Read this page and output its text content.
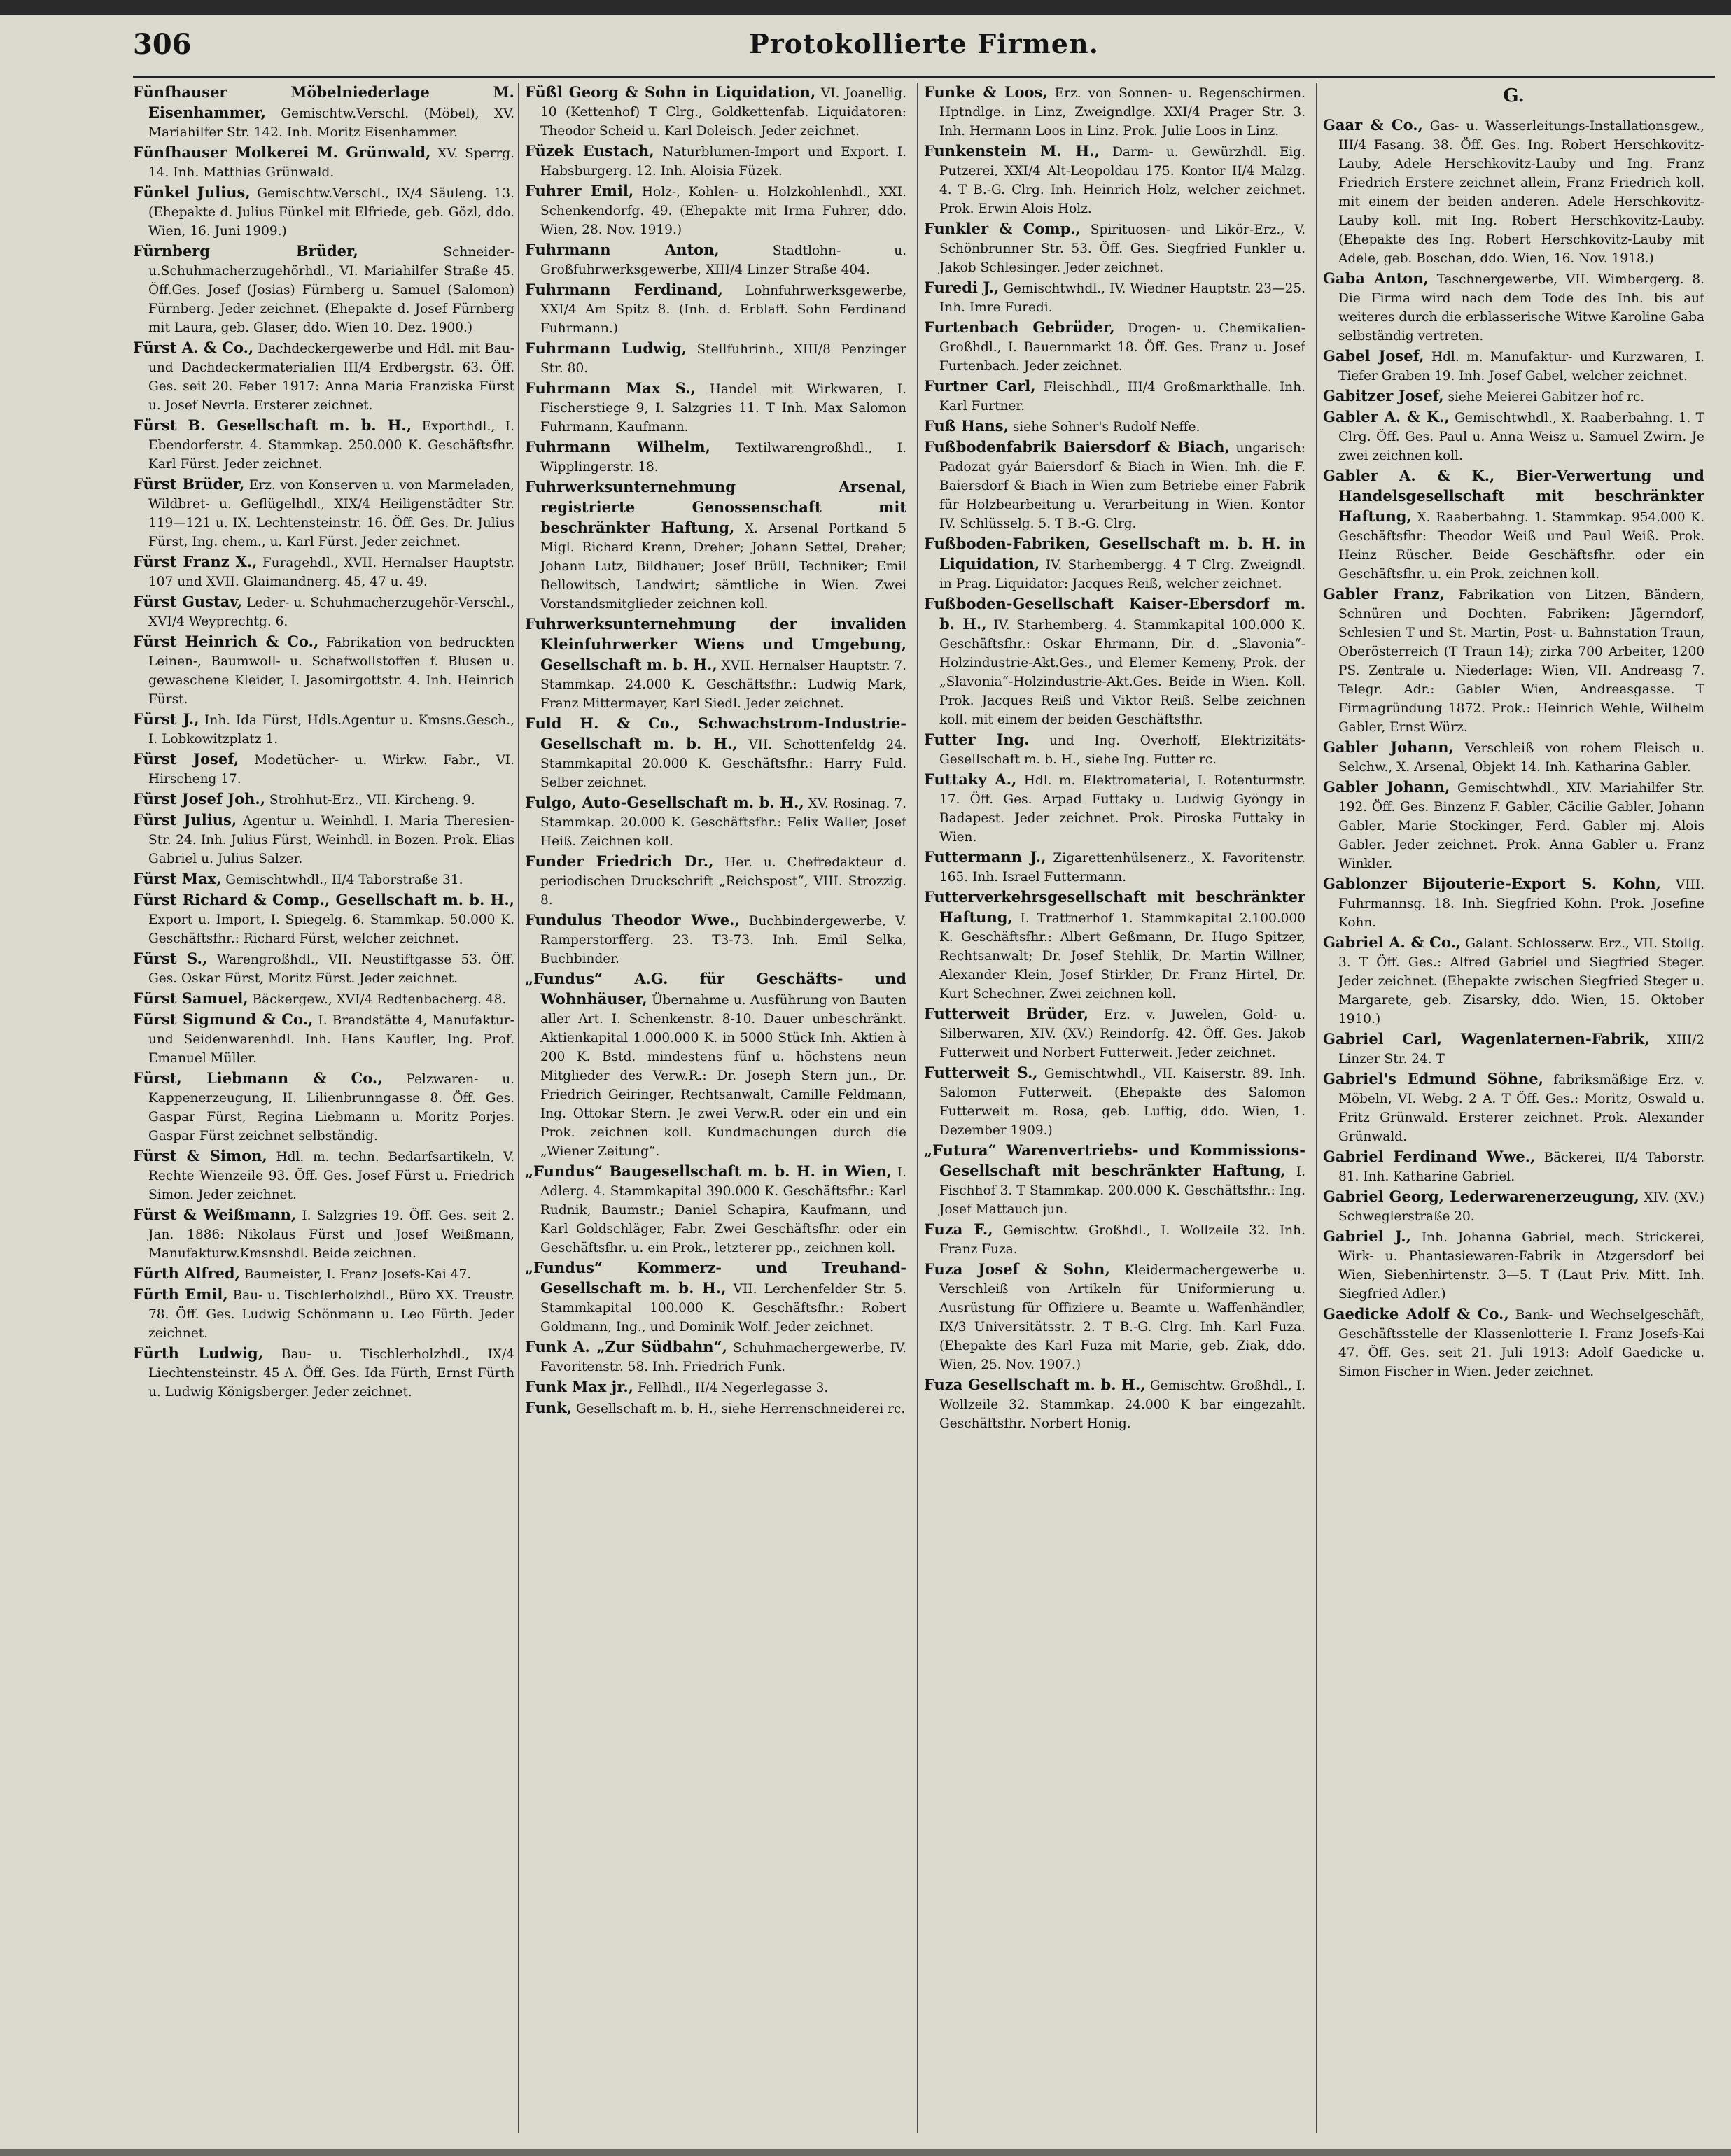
306	Protokollierte Firmen.

Fünfhauser Möbelniederlage M. Eisenhammer, Gemischtw.Verschl. (Möbel), XV. Mariahilfer Str. 142. Inh. Moritz Eisenhammer.

Fünfhauser Molkerei M. Grünwald, XV. Sperrg. 14. Inh. Matthias Grünwald.

Fünkel Julius, Gemischtw.Verschl., IX/4 Säuleng. 13. (Ehepakte d. Julius Fünkel mit Elfriede, geb. Gözl, ddo. Wien, 16. Juni 1909.)

Fürnberg Brüder, Schneider-u.Schuhmacherzugehörhdl., VI. Mariahilfer Straße 45. Öff.Ges. Josef (Josias) Fürnberg u. Samuel (Salomon) Fürnberg. Jeder zeichnet. (Ehepakte d. Josef Fürnberg mit Laura, geb. Glaser, ddo. Wien 10. Dez. 1900.)

Fürst A. & Co., Dachdeckergewerbe und Hdl. mit Bau- und Dachdeckermaterialien III/4 Erdbergstr. 63. Öff. Ges. seit 20. Feber 1917: Anna Maria Franziska Fürst u. Josef Nevrla. Ersterer zeichnet.

Fürst B. Gesellschaft m. b. H., Exporthdl., I. Ebendorferstr. 4. Stammkap. 250.000 K. Geschäftsfhr. Karl Fürst. Jeder zeichnet.

Fürst Brüder, Erz. von Konserven u. von Marmeladen, Wildbret- u. Geflügelhdl., XIX/4 Heiligenstädter Str. 119—121 u. IX. Lechtensteinstr. 16. Öff. Ges. Dr. Julius Fürst, Ing. chem., u. Karl Fürst. Jeder zeichnet.

Fürst Franz X., Furagehdl., XVII. Hernalser Hauptstr. 107 und XVII. Glaimandnerg. 45, 47 u. 49.

Fürst Gustav, Leder- u. Schuhmacherzugehör-Verschl., XVI/4 Weyprechtg. 6.

Fürst Heinrich & Co., Fabrikation von bedruckten Leinen-, Baumwoll- u. Schafwollstoffen f. Blusen u. gewaschene Kleider, I. Jasomirgottstr. 4. Inh. Heinrich Fürst.

Fürst J., Inh. Ida Fürst, Hdls.Agentur u. Kmsns.Gesch., I. Lobkowitzplatz 1.

Fürst Josef, Modetücher- u. Wirkw. Fabr., VI. Hirscheng 17.

Fürst Josef Joh., Strohhut-Erz., VII. Kircheng. 9.

Fürst Julius, Agentur u. Weinhdl. I. Maria Theresien-Str. 24. Inh. Julius Fürst, Weinhdl. in Bozen. Prok. Elias Gabriel u. Julius Salzer.

Fürst Max, Gemischtwhdl., II/4 Taborstraße 31.

Fürst Richard & Comp., Gesellschaft m. b. H., Export u. Import, I. Spiegelg. 6. Stammkap. 50.000 K. Geschäftsfhr.: Richard Fürst, welcher zeichnet.

Fürst S., Warengroßhdl., VII. Neustiftgasse 53. Öff. Ges. Oskar Fürst, Moritz Fürst. Jeder zeichnet.

Fürst Samuel, Bäckergew., XVI/4 Redtenbacherg. 48.

Fürst Sigmund & Co., I. Brandstätte 4, Manufaktur- und Seidenwarenhdl. Inh. Hans Kaufler, Ing. Prof. Emanuel Müller.

Fürst, Liebmann & Co., Pelzwaren- u. Kappenerzeugung, II. Lilienbrunngasse 8. Öff. Ges. Gaspar Fürst, Regina Liebmann u. Moritz Porjes. Gaspar Fürst zeichnet selbständig.

Fürst & Simon, Hdl. m. techn. Bedarfsartikeln, V. Rechte Wienzeile 93. Öff. Ges. Josef Fürst u. Friedrich Simon. Jeder zeichnet.

Fürst & Weißmann, I. Salzgries 19. Öff. Ges. seit 2. Jan. 1886: Nikolaus Fürst und Josef Weißmann, Manufakturw.Kmsnshdl. Beide zeichnen.

Fürth Alfred, Baumeister, I. Franz Josefs-Kai 47.

Fürth Emil, Bau- u. Tischlerholzhdl., Büro XX. Treustr. 78. Öff. Ges. Ludwig Schönmann u. Leo Fürth. Jeder zeichnet.

Fürth Ludwig, Bau- u. Tischlerholzhdl., IX/4 Liechtensteinstr. 45 A. Öff. Ges. Ida Fürth, Ernst Fürth u. Ludwig Königsberger. Jeder zeichnet.

Füßl Georg & Sohn in Liquidation, VI. Joanellig. 10 (Kettenhof) T Clrg., Goldkettenfab. Liquidatoren: Theodor Scheid u. Karl Doleisch. Jeder zeichnet.

Füzek Eustach, Naturblumen-Import und Export. I. Habsburgerg. 12. Inh. Aloisia Füzek.

Fuhrer Emil, Holz-, Kohlen- u. Holzkohlenhdl., XXI. Schenkendorfg. 49. (Ehepakte mit Irma Fuhrer, ddo. Wien, 28. Nov. 1919.)

Fuhrmann Anton, Stadtlohn- u. Großfuhrwerksgewerbe, XIII/4 Linzer Straße 404.

Fuhrmann Ferdinand, Lohnfuhrwerksgewerbe, XXI/4 Am Spitz 8. (Inh. d. Erblaff. Sohn Ferdinand Fuhrmann.)

Fuhrmann Ludwig, Stellfuhrinh., XIII/8 Penzinger Str. 80.

Fuhrmann Max S., Handel mit Wirkwaren, I. Fischerstiege 9, I. Salzgries 11. T Inh. Max Salomon Fuhrmann, Kaufmann.

Fuhrmann Wilhelm, Textilwarengroßhdl., I. Wipplingerstr. 18.

Fuhrwerksunternehmung Arsenal, registrierte Genossenschaft mit beschränkter Haftung, X. Arsenal Portkand 5 Migl. Richard Krenn, Dreher; Johann Settel, Dreher; Johann Lutz, Bildhauer; Josef Brüll, Techniker; Emil Bellowitsch, Landwirt; sämtliche in Wien. Zwei Vorstandsmitglieder zeichnen koll.

Fuhrwerksunternehmung der invaliden Kleinfuhrwerker Wiens und Umgebung, Gesellschaft m. b. H., XVII. Hernalser Hauptstr. 7. Stammkap. 24.000 K. Geschäftsfhr.: Ludwig Mark, Franz Mittermayer, Karl Siedl. Jeder zeichnet.

Fuld H. & Co., Schwachstrom-Industrie-Gesellschaft m. b. H., VII. Schottenfeldg 24. Stammkapital 20.000 K. Geschäftsfhr.: Harry Fuld. Selber zeichnet.

Fulgo, Auto-Gesellschaft m. b. H., XV. Rosinag. 7. Stammkap. 20.000 K. Geschäftsfhr.: Felix Waller, Josef Heiß. Zeichnen koll.

Funder Friedrich Dr., Her. u. Chefredakteur d. periodischen Druckschrift „Reichspost“, VIII. Strozzig. 8.

Fundulus Theodor Wwe., Buchbindergewerbe, V. Ramperstorfferg. 23. T3-73. Inh. Emil Selka, Buchbinder.

„Fundus“ A.G. für Geschäfts- und Wohnhäuser, Übernahme u. Ausführung von Bauten aller Art. I. Schenkenstr. 8-10. Dauer unbeschränkt. Aktienkapital 1.000.000 K. in 5000 Stück Inh. Aktien à 200 K. Bstd. mindestens fünf u. höchstens neun Mitglieder des Verw.R.: Dr. Joseph Stern jun., Dr. Friedrich Geiringer, Rechtsanwalt, Camille Feldmann, Ing. Ottokar Stern. Je zwei Verw.R. oder ein und ein Prok. zeichnen koll. Kundmachungen durch die „Wiener Zeitung“.

„Fundus“ Baugesellschaft m. b. H. in Wien, I. Adlerg. 4. Stammkapital 390.000 K. Geschäftsfhr.: Karl Rudnik, Baumstr.; Daniel Schapira, Kaufmann, und Karl Goldschläger, Fabr. Zwei Geschäftsfhr. oder ein Geschäftsfhr. u. ein Prok., letzterer pp., zeichnen koll.

„Fundus“ Kommerz- und Treuhand-Gesellschaft m. b. H., VII. Lerchenfelder Str. 5. Stammkapital 100.000 K. Geschäftsfhr.: Robert Goldmann, Ing., und Dominik Wolf. Jeder zeichnet.

Funk A. „Zur Südbahn“, Schuhmachergewerbe, IV. Favoritenstr. 58. Inh. Friedrich Funk.

Funk Max jr., Fellhdl., II/4 Negerlegasse 3.

Funk, Gesellschaft m. b. H., siehe Herrenschneiderei rc.

Funke & Loos, Erz. von Sonnen- u. Regenschirmen. Hptndlge. in Linz, Zweigndlge. XXI/4 Prager Str. 3. Inh. Hermann Loos in Linz. Prok. Julie Loos in Linz.

Funkenstein M. H., Darm- u. Gewürzhdl. Eig. Putzerei, XXI/4 Alt-Leopoldau 175. Kontor II/4 Malzg. 4. T B.-G. Clrg. Inh. Heinrich Holz, welcher zeichnet. Prok. Erwin Alois Holz.

Funkler & Comp., Spirituosen- und Likör-Erz., V. Schönbrunner Str. 53. Öff. Ges. Siegfried Funkler u. Jakob Schlesinger. Jeder zeichnet.

Furedi J., Gemischtwhdl., IV. Wiedner Hauptstr. 23—25. Inh. Imre Furedi.

Furtenbach Gebrüder, Drogen- u. Chemikalien-Großhdl., I. Bauernmarkt 18. Öff. Ges. Franz u. Josef Furtenbach. Jeder zeichnet.

Furtner Carl, Fleischhdl., III/4 Großmarkthalle. Inh. Karl Furtner.

Fuß Hans, siehe Sohner's Rudolf Neffe.

Fußbodenfabrik Baiersdorf & Biach, ungarisch: Padozat gyár Baiersdorf & Biach in Wien. Inh. die F. Baiersdorf & Biach in Wien zum Betriebe einer Fabrik für Holzbearbeitung u. Verarbeitung in Wien. Kontor IV. Schlüsselg. 5. T B.-G. Clrg.

Fußboden-Fabriken, Gesellschaft m. b. H. in Liquidation, IV. Starhembergg. 4 T Clrg. Zweigndl. in Prag. Liquidator: Jacques Reiß, welcher zeichnet.

Fußboden-Gesellschaft Kaiser-Ebersdorf m. b. H., IV. Starhemberg. 4. Stammkapital 100.000 K. Geschäftsfhr.: Oskar Ehrmann, Dir. d. „Slavonia“-Holzindustrie-Akt.Ges., und Elemer Kemeny, Prok. der „Slavonia“-Holzindustrie-Akt.Ges. Beide in Wien. Koll. Prok. Jacques Reiß und Viktor Reiß. Selbe zeichnen koll. mit einem der beiden Geschäftsfhr.

Futter Ing. und Ing. Overhoff, Elektrizitäts-Gesellschaft m. b. H., siehe Ing. Futter rc.

Futtaky A., Hdl. m. Elektromaterial, I. Rotenturmstr. 17. Öff. Ges. Arpad Futtaky u. Ludwig Gyöngy in Badapest. Jeder zeichnet. Prok. Piroska Futtaky in Wien.

Futtermann J., Zigarettenhülsenerz., X. Favoritenstr. 165. Inh. Israel Futtermann.

Futterverkehrsgesellschaft mit beschränkter Haftung, I. Trattnerhof 1. Stammkapital 2.100.000 K. Geschäftsfhr.: Albert Geßmann, Dr. Hugo Spitzer, Rechtsanwalt; Dr. Josef Stehlik, Dr. Martin Willner, Alexander Klein, Josef Stirkler, Dr. Franz Hirtel, Dr. Kurt Schechner. Zwei zeichnen koll.

Futterweit Brüder, Erz. v. Juwelen, Gold- u. Silberwaren, XIV. (XV.) Reindorfg. 42. Öff. Ges. Jakob Futterweit und Norbert Futterweit. Jeder zeichnet.

Futterweit S., Gemischtwhdl., VII. Kaiserstr. 89. Inh. Salomon Futterweit. (Ehepakte des Salomon Futterweit m. Rosa, geb. Luftig, ddo. Wien, 1. Dezember 1909.)

„Futura“ Warenvertriebs- und Kommissions-Gesellschaft mit beschränkter Haftung, I. Fischhof 3. T Stammkap. 200.000 K. Geschäftsfhr.: Ing. Josef Mattauch jun.

Fuza F., Gemischtw. Großhdl., I. Wollzeile 32. Inh. Franz Fuza.

Fuza Josef & Sohn, Kleidermachergewerbe u. Verschleiß von Artikeln für Uniformierung u. Ausrüstung für Offiziere u. Beamte u. Waffenhändler, IX/3 Universitätsstr. 2. T B.-G. Clrg. Inh. Karl Fuza. (Ehepakte des Karl Fuza mit Marie, geb. Ziak, ddo. Wien, 25. Nov. 1907.)

Fuza Gesellschaft m. b. H., Gemischtw. Großhdl., I. Wollzeile 32. Stammkap. 24.000 K bar eingezahlt. Geschäftsfhr. Norbert Honig.

G.

Gaar & Co., Gas- u. Wasserleitungs-Installationsgew., III/4 Fasang. 38. Öff. Ges. Ing. Robert Herschkovitz-Lauby, Adele Herschkovitz-Lauby und Ing. Franz Friedrich Erstere zeichnet allein, Franz Friedrich koll. mit einem der beiden anderen. Adele Herschkovitz-Lauby koll. mit Ing. Robert Herschkovitz-Lauby. (Ehepakte des Ing. Robert Herschkovitz-Lauby mit Adele, geb. Boschan, ddo. Wien, 16. Nov. 1918.)

Gaba Anton, Taschnergewerbe, VII. Wimbergerg. 8. Die Firma wird nach dem Tode des Inh. bis auf weiteres durch die erblasserische Witwe Karoline Gaba selbständig vertreten.

Gabel Josef, Hdl. m. Manufaktur- und Kurzwaren, I. Tiefer Graben 19. Inh. Josef Gabel, welcher zeichnet.

Gabitzer Josef, siehe Meierei Gabitzer hof rc.

Gabler A. & K., Gemischtwhdl., X. Raaberbahng. 1. T Clrg. Öff. Ges. Paul u. Anna Weisz u. Samuel Zwirn. Je zwei zeichnen koll.

Gabler A. & K., Bier-Verwertung und Handelsgesellschaft mit beschränkter Haftung, X. Raaberbahng. 1. Stammkap. 954.000 K. Geschäftsfhr: Theodor Weiß und Paul Weiß. Prok. Heinz Rüscher. Beide Geschäftsfhr. oder ein Geschäftsfhr. u. ein Prok. zeichnen koll.

Gabler Franz, Fabrikation von Litzen, Bändern, Schnüren und Dochten. Fabriken: Jägerndorf, Schlesien T und St. Martin, Post- u. Bahnstation Traun, Oberösterreich (T Traun 14); zirka 700 Arbeiter, 1200 PS. Zentrale u. Niederlage: Wien, VII. Andreasg 7. Telegr. Adr.: Gabler Wien, Andreasgasse. T Firmagründung 1872. Prok.: Heinrich Wehle, Wilhelm Gabler, Ernst Würz.

Gabler Johann, Verschleiß von rohem Fleisch u. Selchw., X. Arsenal, Objekt 14. Inh. Katharina Gabler.

Gabler Johann, Gemischtwhdl., XIV. Mariahilfer Str. 192. Öff. Ges. Binzenz F. Gabler, Cäcilie Gabler, Johann Gabler, Marie Stockinger, Ferd. Gabler mj. Alois Gabler. Jeder zeichnet. Prok. Anna Gabler u. Franz Winkler.

Gablonzer Bijouterie-Export S. Kohn, VIII. Fuhrmannsg. 18. Inh. Siegfried Kohn. Prok. Josefine Kohn.

Gabriel A. & Co., Galant. Schlosserw. Erz., VII. Stollg. 3. T Öff. Ges.: Alfred Gabriel und Siegfried Steger. Jeder zeichnet. (Ehepakte zwischen Siegfried Steger u. Margarete, geb. Zisarsky, ddo. Wien, 15. Oktober 1910.)

Gabriel Carl, Wagenlaternen-Fabrik, XIII/2 Linzer Str. 24. T

Gabriel's Edmund Söhne, fabriksmäßige Erz. v. Möbeln, VI. Webg. 2 A. T Öff. Ges.: Moritz, Oswald u. Fritz Grünwald. Ersterer zeichnet. Prok. Alexander Grünwald.

Gabriel Ferdinand Wwe., Bäckerei, II/4 Taborstr. 81. Inh. Katharine Gabriel.

Gabriel Georg, Lederwarenerzeugung, XIV. (XV.) Schweglerstraße 20.

Gabriel J., Inh. Johanna Gabriel, mech. Strickerei, Wirk- u. Phantasiewaren-Fabrik in Atzgersdorf bei Wien, Siebenhirtenstr. 3—5. T (Laut Priv. Mitt. Inh. Siegfried Adler.)

Gaedicke Adolf & Co., Bank- und Wechselgeschäft, Geschäftsstelle der Klassenlotterie I. Franz Josefs-Kai 47. Öff. Ges. seit 21. Juli 1913: Adolf Gaedicke u. Simon Fischer in Wien. Jeder zeichnet.
